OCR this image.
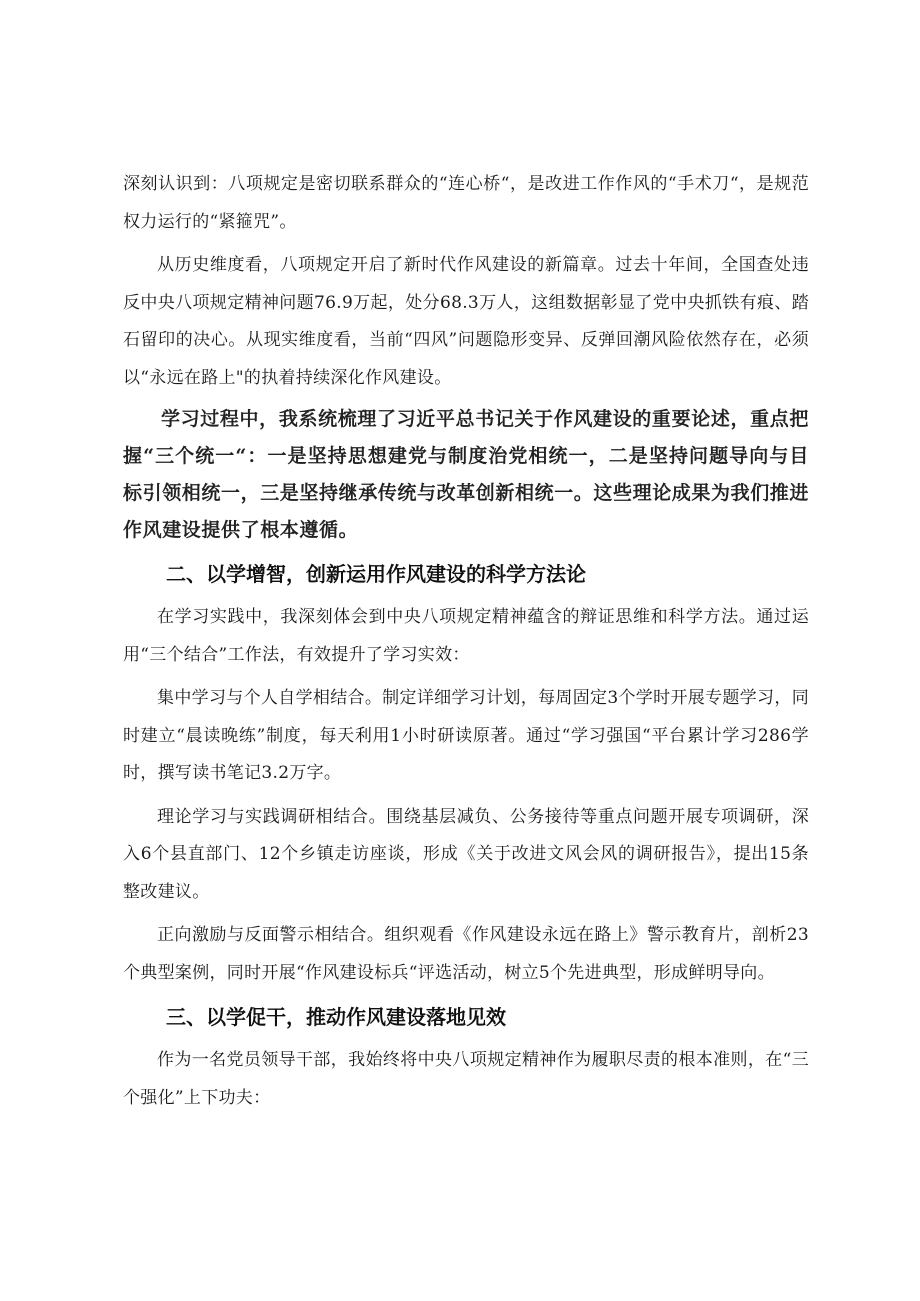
深刻认识到：八项规定是密切联系群众的“连心桥“，是改进工作作风的“手术刀“，是规范权力运行的“紧箍咒”。

从历史维度看，八项规定开启了新时代作风建设的新篇章。过去十年间，全国查处违反中央八项规定精神问题76.9万起，处分68.3万人，这组数据彰显了党中央抓铁有痕、踏石留印的决心。从现实维度看，当前“四风”问题隐形变异、反弹回潮风险依然存在，必须以“永远在路上"的执着持续深化作风建设。

学习过程中，我系统梳理了习近平总书记关于作风建设的重要论述，重点把握“三个统一“：一是坚持思想建党与制度治党相统一，二是坚持问题导向与目标引领相统一，三是坚持继承传统与改革创新相统一。这些理论成果为我们推进作风建设提供了根本遵循。

二、以学增智，创新运用作风建设的科学方法论

在学习实践中，我深刻体会到中央八项规定精神蕴含的辩证思维和科学方法。通过运用“三个结合”工作法，有效提升了学习实效：

集中学习与个人自学相结合。制定详细学习计划，每周固定3个学时开展专题学习，同时建立“晨读晚练”制度，每天利用1小时研读原著。通过“学习强国“平台累计学习286学时，撰写读书笔记3.2万字。

理论学习与实践调研相结合。围绕基层减负、公务接待等重点问题开展专项调研，深入6个县直部门、12个乡镇走访座谈，形成《关于改进文风会风的调研报告》，提出15条整改建议。

正向激励与反面警示相结合。组织观看《作风建设永远在路上》警示教育片，剖析23个典型案例，同时开展“作风建设标兵“评选活动，树立5个先进典型，形成鲜明导向。

三、以学促干，推动作风建设落地见效

作为一名党员领导干部，我始终将中央八项规定精神作为履职尽责的根本准则，在“三个强化”上下功夫：
